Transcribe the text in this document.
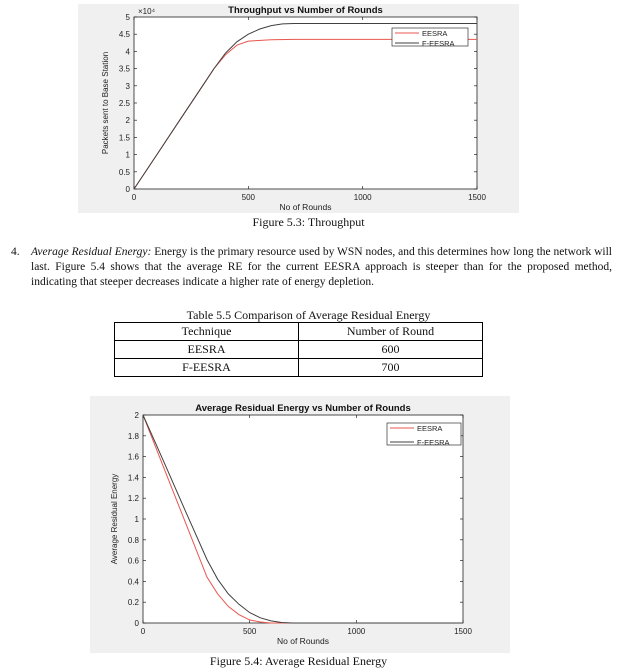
0
0.5
1
1.5
2
2.5
3
3.5
4
4.5
5
0	500	1000	1500
×10⁴	Throughput vs Number of Rounds
No of Rounds
Packets sent to Base Station
EESRA
F-EESRA
Figure 5.3: Throughput
4. Average Residual Energy: Energy is the primary resource used by WSN nodes, and this determines how long the network will last. Figure 5.4 shows that the average RE for the current EESRA approach is steeper than for the proposed method, indicating that steeper decreases indicate a higher rate of energy depletion.
Table 5.5 Comparison of Average Residual Energy
Technique	Number of Round
EESRA	600
F-EESRA	700
0
0.2
0.4
0.6
0.8
1
1.2
1.4
1.6
1.8
2
0	500	1000	1500
Average Residual Energy vs Number of Rounds
No of Rounds
Average Residual Energy
EESRA
F-EESRA
Figure 5.4: Average Residual Energy
